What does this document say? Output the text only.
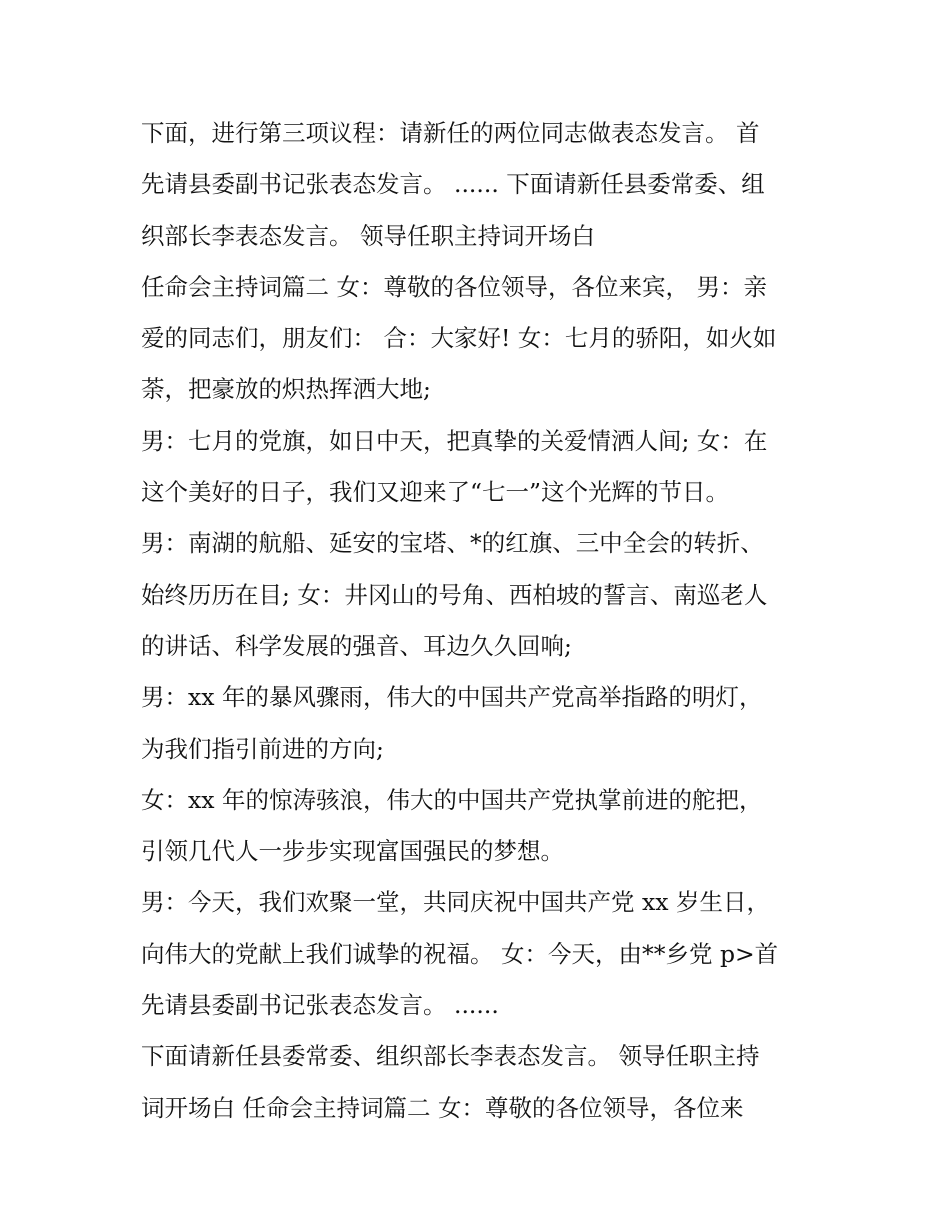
下面，进行第三项议程：请新任的两位同志做表态发言。 首
先请县委副书记张表态发言。 ...... 下面请新任县委常委、组
织部长李表态发言。 领导任职主持词开场白
任命会主持词篇二 女：尊敬的各位领导，各位来宾， 男：亲
爱的同志们，朋友们： 合：大家好! 女：七月的骄阳，如火如
荼，把豪放的炽热挥洒大地;
男：七月的党旗，如日中天，把真挚的关爱情洒人间; 女：在
这个美好的日子，我们又迎来了“七一”这个光辉的节日。
男：南湖的航船、延安的宝塔、*的红旗、三中全会的转折、
始终历历在目; 女：井冈山的号角、西柏坡的誓言、南巡老人
的讲话、科学发展的强音、耳边久久回响;
男：xx 年的暴风骤雨，伟大的中国共产党高举指路的明灯，
为我们指引前进的方向;
女：xx 年的惊涛骇浪，伟大的中国共产党执掌前进的舵把，
引领几代人一步步实现富国强民的梦想。
男：今天，我们欢聚一堂，共同庆祝中国共产党 xx 岁生日，
向伟大的党献上我们诚挚的祝福。 女：今天，由**乡党 p>首
先请县委副书记张表态发言。 ......
下面请新任县委常委、组织部长李表态发言。 领导任职主持
词开场白 任命会主持词篇二 女：尊敬的各位领导，各位来
